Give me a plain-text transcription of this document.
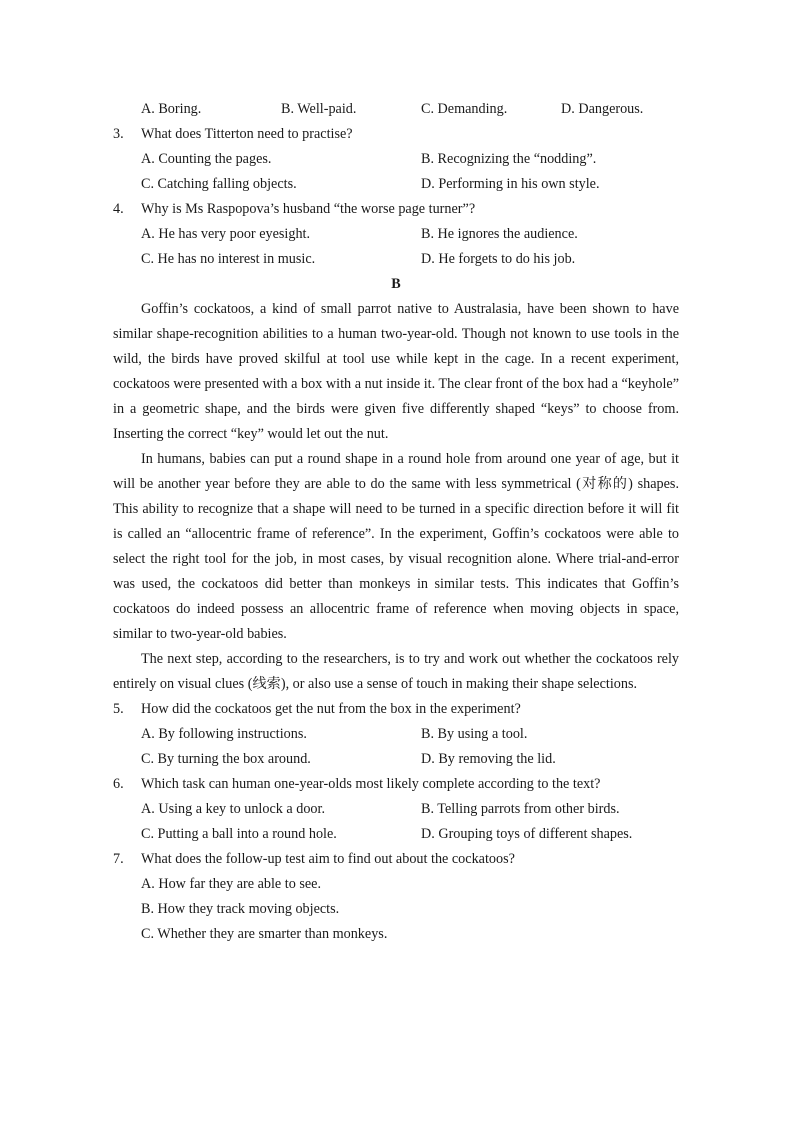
A. Boring.	B. Well-paid.	C. Demanding.	D. Dangerous.
3. What does Titterton need to practise?
A. Counting the pages.	B. Recognizing the “nodding”.
C. Catching falling objects.	D. Performing in his own style.
4. Why is Ms Raspopova’s husband “the worse page turner”?
A. He has very poor eyesight.	B. He ignores the audience.
C. He has no interest in music.	D. He forgets to do his job.
B

Goffin’s cockatoos, a kind of small parrot native to Australasia, have been shown to have similar shape-recognition abilities to a human two-year-old. Though not known to use tools in the wild, the birds have proved skilful at tool use while kept in the cage. In a recent experiment, cockatoos were presented with a box with a nut inside it. The clear front of the box had a “keyhole” in a geometric shape, and the birds were given five differently shaped “keys” to choose from. Inserting the correct “key” would let out the nut.

In humans, babies can put a round shape in a round hole from around one year of age, but it will be another year before they are able to do the same with less symmetrical (对称的) shapes. This ability to recognize that a shape will need to be turned in a specific direction before it will fit is called an “allocentric frame of reference”. In the experiment, Goffin’s cockatoos were able to select the right tool for the job, in most cases, by visual recognition alone. Where trial-and-error was used, the cockatoos did better than monkeys in similar tests. This indicates that Goffin’s cockatoos do indeed possess an allocentric frame of reference when moving objects in space, similar to two-year-old babies.

The next step, according to the researchers, is to try and work out whether the cockatoos rely entirely on visual clues (线索), or also use a sense of touch in making their shape selections.

5. How did the cockatoos get the nut from the box in the experiment?
A. By following instructions.	B. By using a tool.
C. By turning the box around.	D. By removing the lid.
6. Which task can human one-year-olds most likely complete according to the text?
A. Using a key to unlock a door.	B. Telling parrots from other birds.
C. Putting a ball into a round hole.	D. Grouping toys of different shapes.
7. What does the follow-up test aim to find out about the cockatoos?
A. How far they are able to see.
B. How they track moving objects.
C. Whether they are smarter than monkeys.
